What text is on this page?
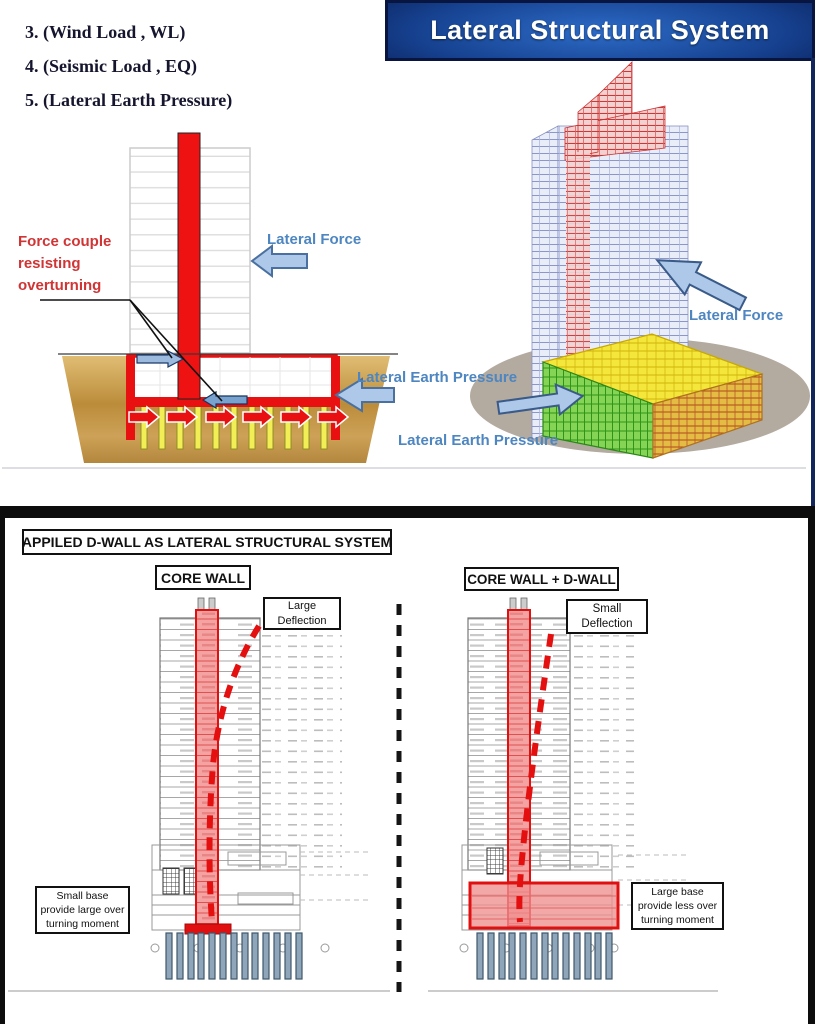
Lateral Structural System
3. (Wind Load , WL)
4. (Seismic Load , EQ)
5. (Lateral Earth Pressure)
Force couple resisting overturning
Lateral Force
Lateral Earth Pressure
Lateral Earth Pressure
Lateral Force
APPILED D-WALL AS LATERAL STRUCTURAL SYSTEM
CORE WALL	CORE WALL + D-WALL
Large Deflection
Small Deflection
Small base provide large over turning moment
Large base provide less over turning moment
